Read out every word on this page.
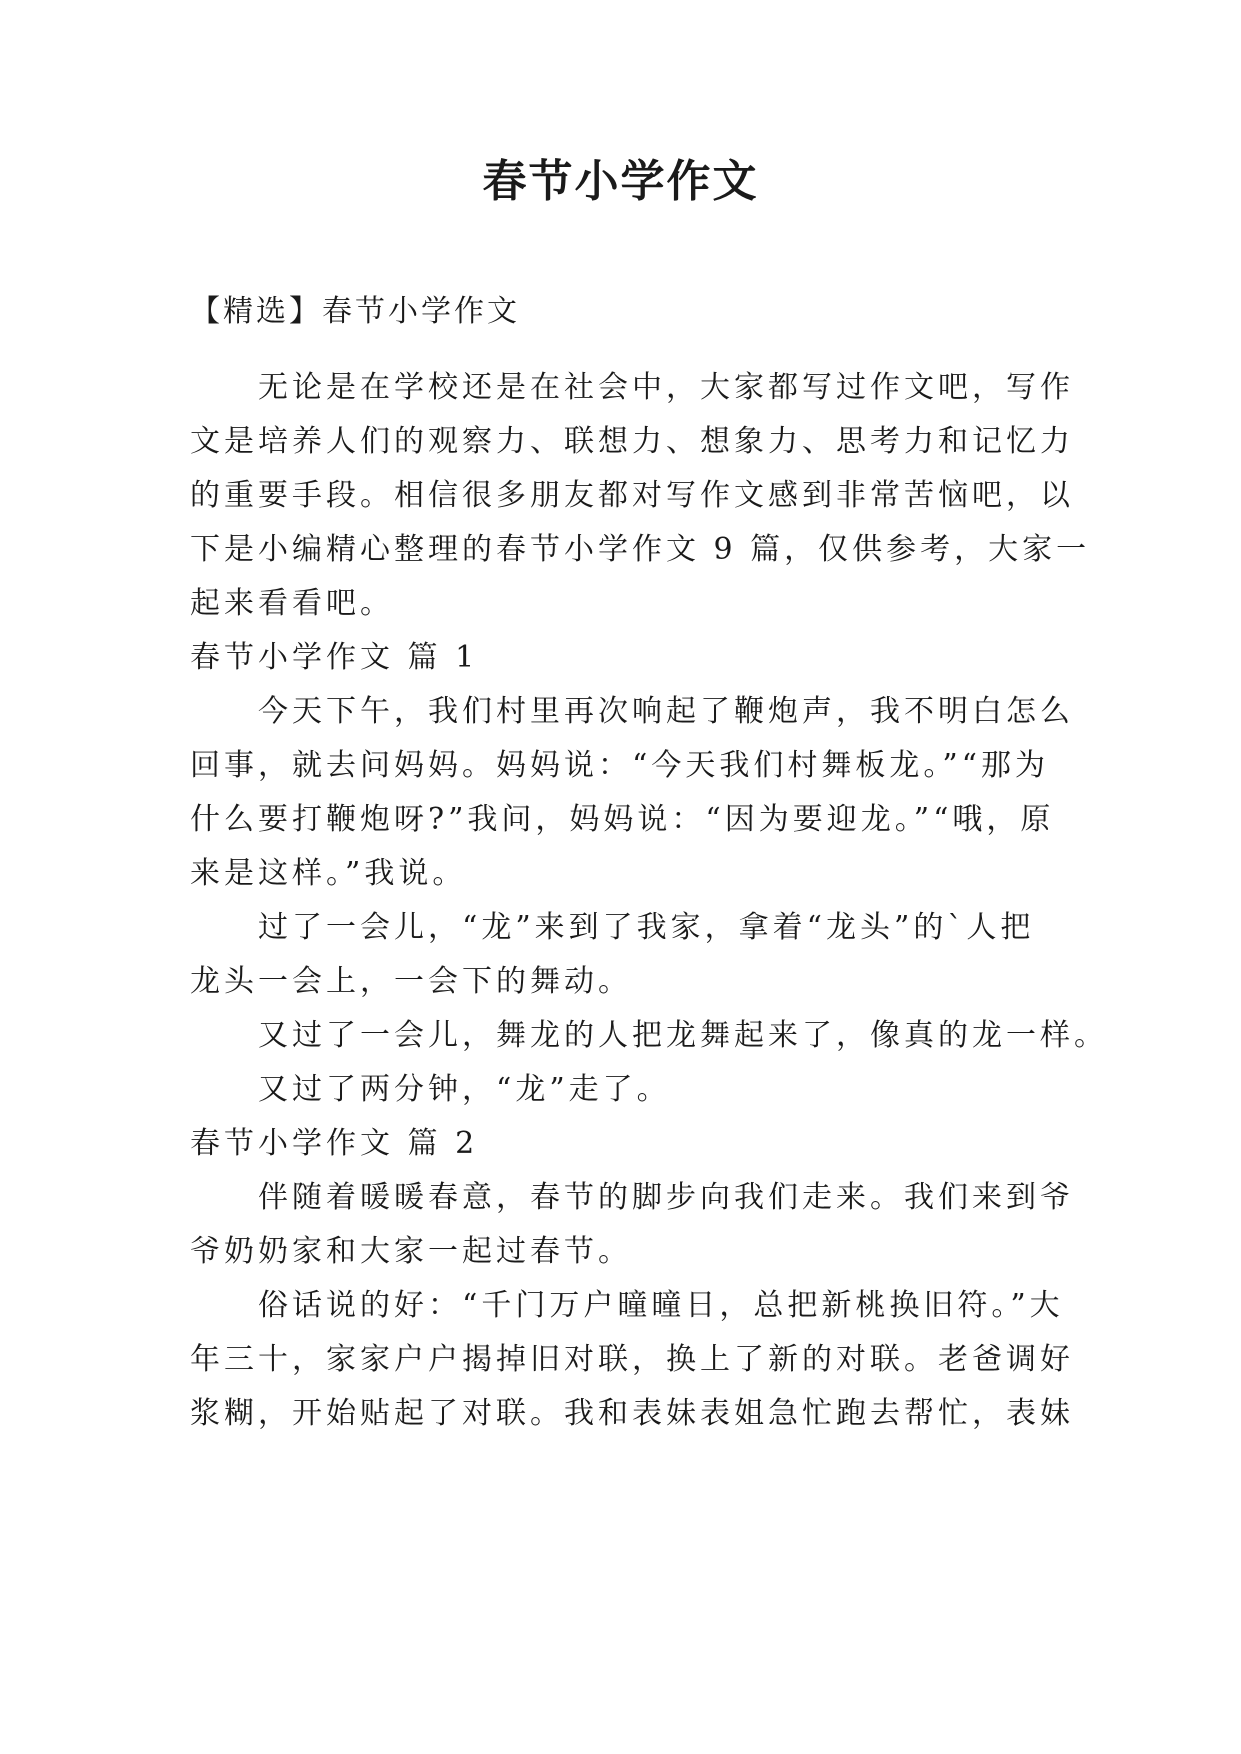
春节小学作文
【精选】春节小学作文
无论是在学校还是在社会中，大家都写过作文吧，写作
文是培养人们的观察力、联想力、想象力、思考力和记忆力
的重要手段。相信很多朋友都对写作文感到非常苦恼吧，以
下是小编精心整理的春节小学作文 9 篇，仅供参考，大家一
起来看看吧。
春节小学作文 篇 1
今天下午，我们村里再次响起了鞭炮声，我不明白怎么
回事，就去问妈妈。妈妈说：“今天我们村舞板龙。”“那为
什么要打鞭炮呀?”我问，妈妈说：“因为要迎龙。”“哦，原
来是这样。”我说。
过了一会儿，“龙”来到了我家，拿着“龙头”的`人把
龙头一会上，一会下的舞动。
又过了一会儿，舞龙的人把龙舞起来了，像真的龙一样。
又过了两分钟，“龙”走了。
春节小学作文 篇 2
伴随着暖暖春意，春节的脚步向我们走来。我们来到爷
爷奶奶家和大家一起过春节。
俗话说的好：“千门万户曈曈日，总把新桃换旧符。”大
年三十，家家户户揭掉旧对联，换上了新的对联。老爸调好
浆糊，开始贴起了对联。我和表妹表姐急忙跑去帮忙，表妹
